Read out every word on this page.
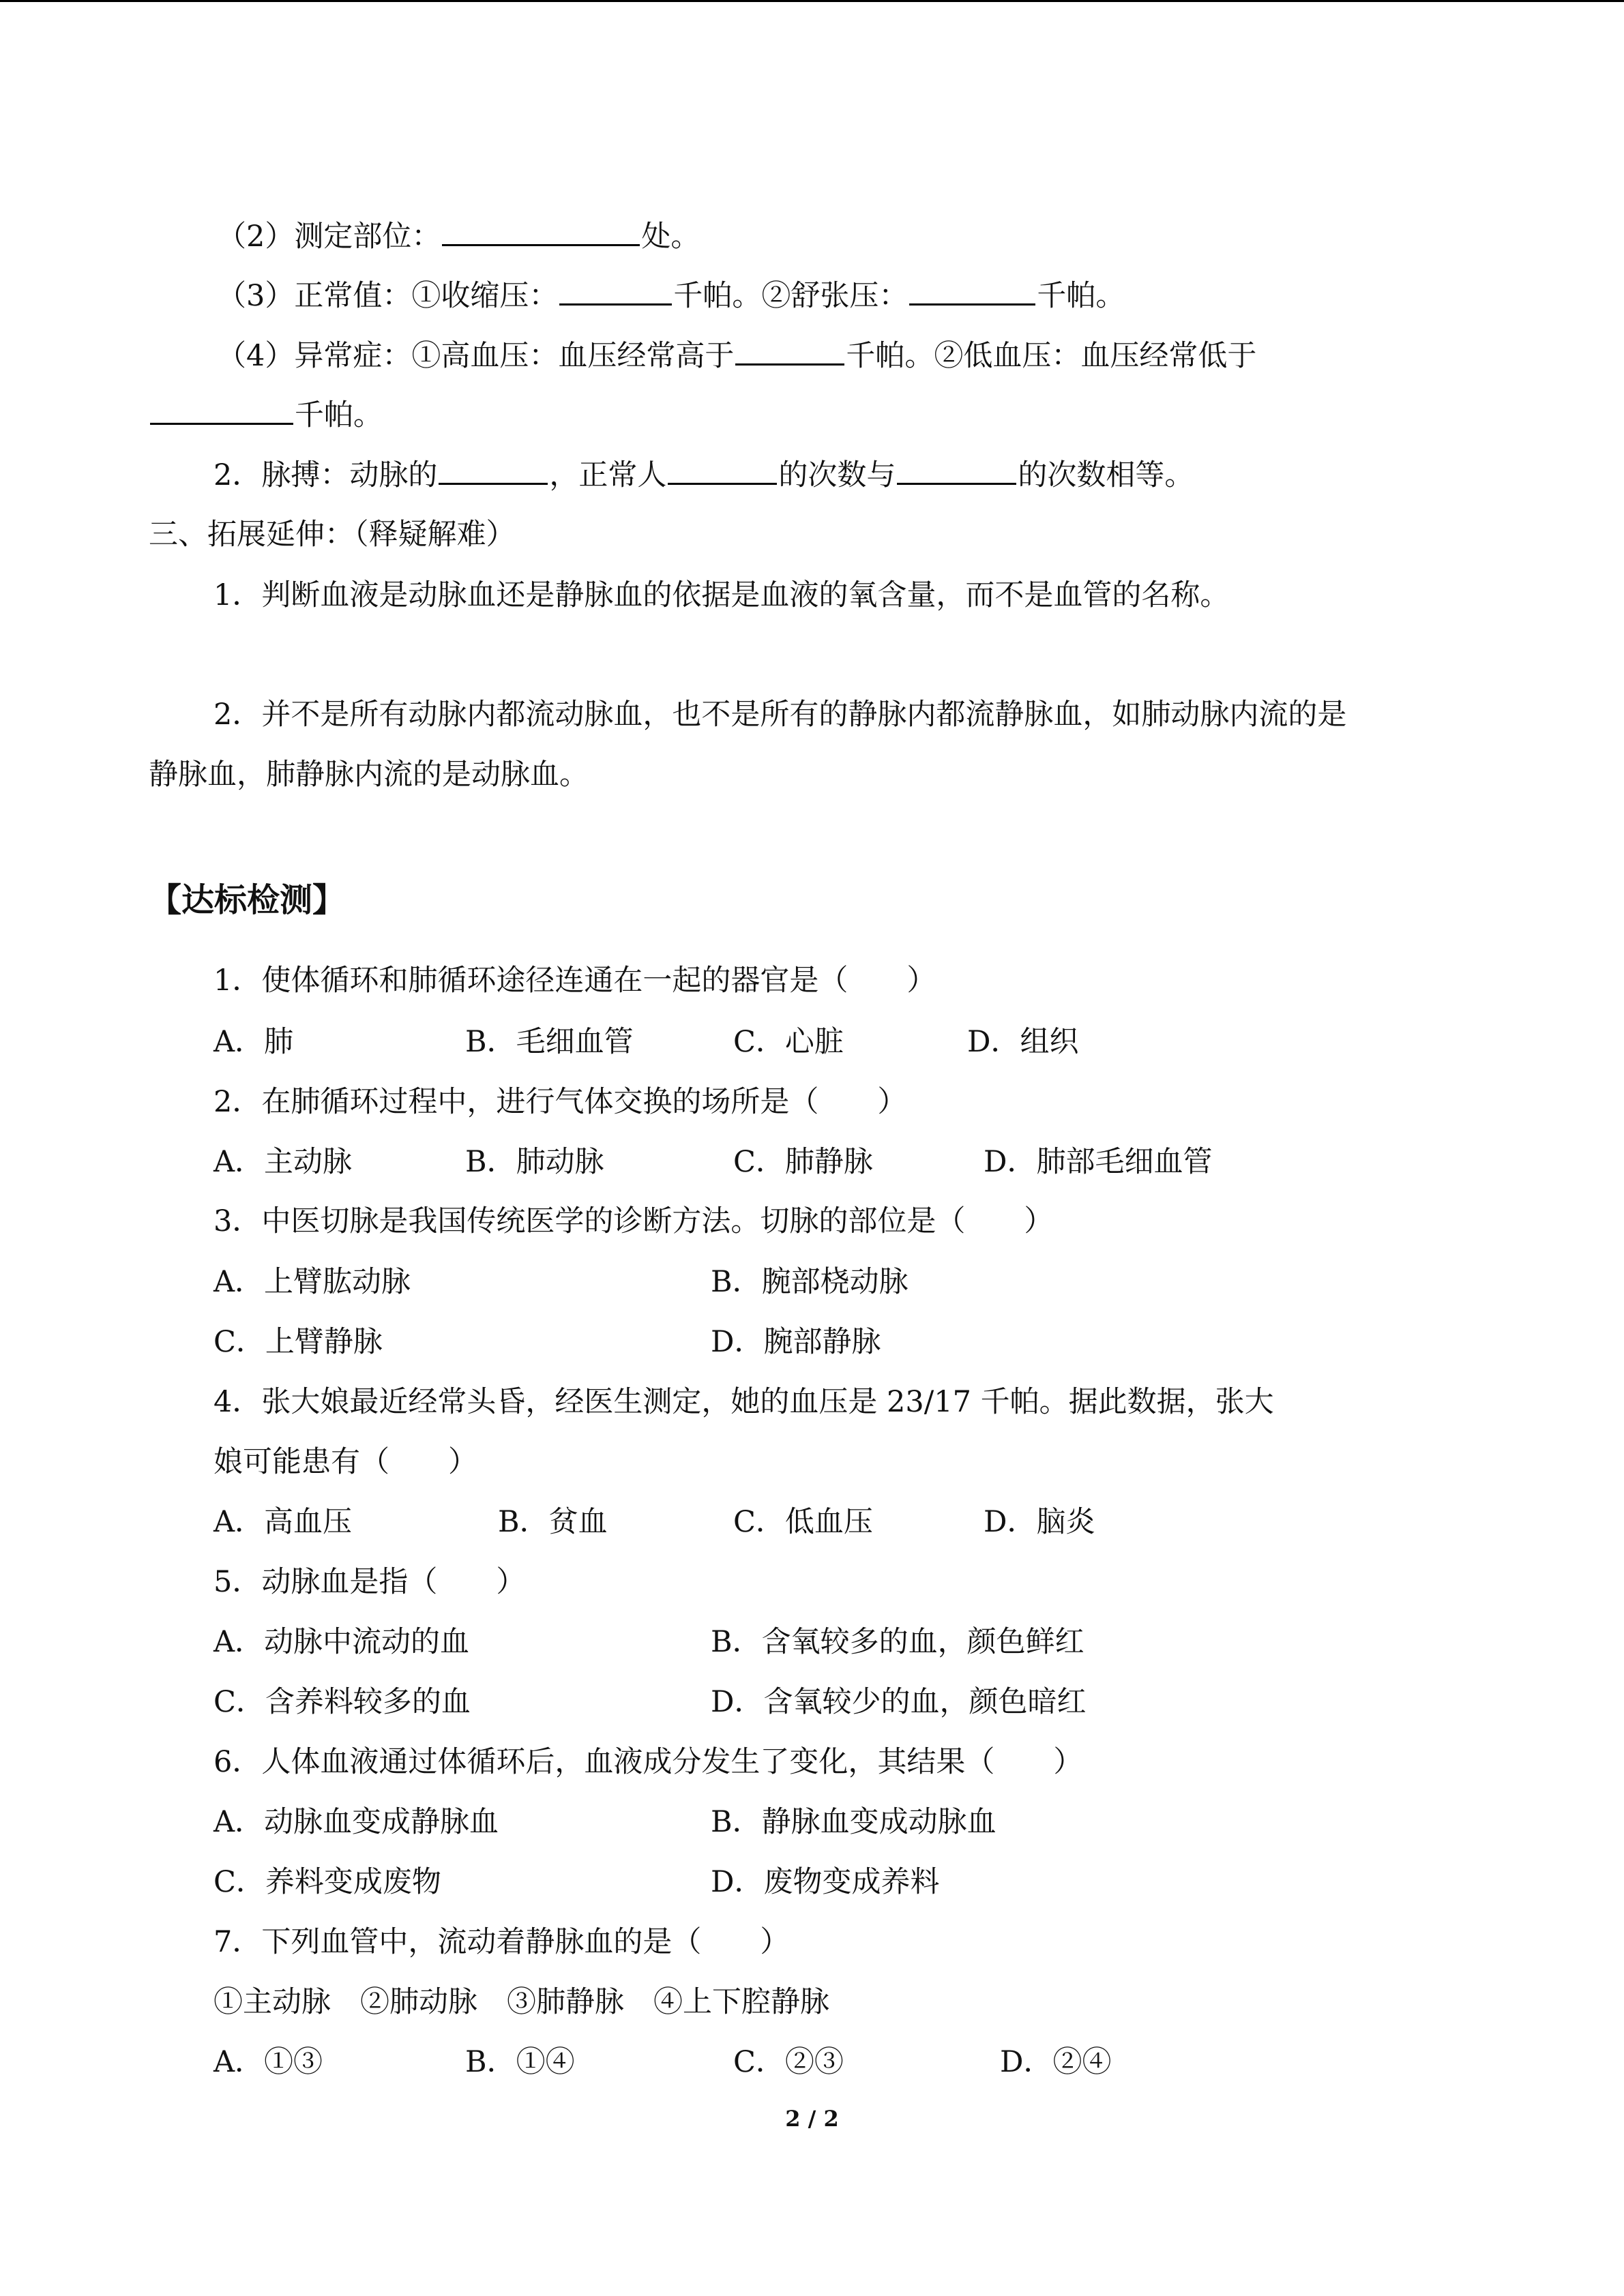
（2）测定部位：	处。
（3）正常值：①收缩压：	千帕。②舒张压：	千帕。
（4）异常症：①高血压：血压经常高于	千帕。②低血压：血压经常低于
千帕。
2．脉搏：动脉的	，正常人	的次数与	的次数相等。
三、拓展延伸：（释疑解难）
1．判断血液是动脉血还是静脉血的依据是血液的氧含量，而不是血管的名称。
2．并不是所有动脉内都流动脉血，也不是所有的静脉内都流静脉血，如肺动脉内流的是
静脉血，肺静脉内流的是动脉血。
【达标检测】
1．使体循环和肺循环途径连通在一起的器官是（　　）
A．肺	B．毛细血管	C．心脏	D．组织
2．在肺循环过程中，进行气体交换的场所是（　　）
A．主动脉	B．肺动脉	C．肺静脉	D．肺部毛细血管
3．中医切脉是我国传统医学的诊断方法。切脉的部位是（　　）
A．上臂肱动脉	B．腕部桡动脉
C．上臂静脉	D．腕部静脉
4．张大娘最近经常头昏，经医生测定，她的血压是 23/17 千帕。据此数据，张大
娘可能患有（　　）
A．高血压	B．贫血	C．低血压	D．脑炎
5．动脉血是指（　　）
A．动脉中流动的血	B．含氧较多的血，颜色鲜红
C．含养料较多的血	D．含氧较少的血，颜色暗红
6．人体血液通过体循环后，血液成分发生了变化，其结果（　　）
A．动脉血变成静脉血	B．静脉血变成动脉血
C．养料变成废物	D．废物变成养料
7．下列血管中，流动着静脉血的是（　　）
①主动脉　②肺动脉　③肺静脉　④上下腔静脉
A．①③	B．①④	C．②③	D．②④
2 / 2
